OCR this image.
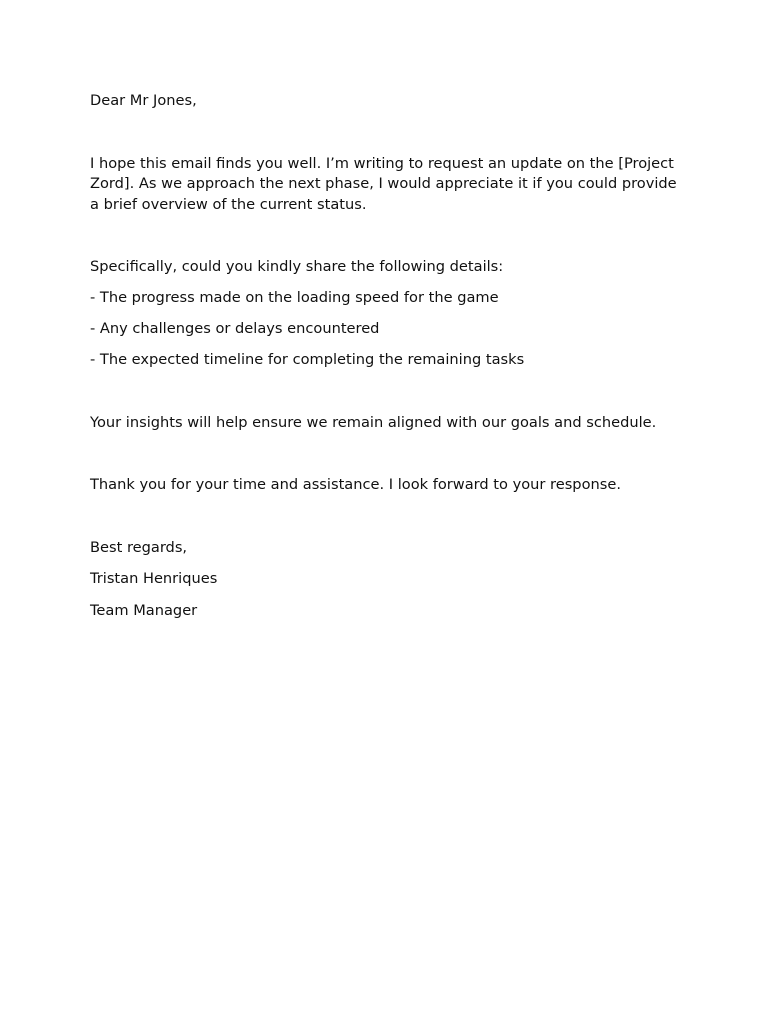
Dear Mr Jones,

I hope this email finds you well. I’m writing to request an update on the [Project Zord]. As we approach the next phase, I would appreciate it if you could provide a brief overview of the current status.

Specifically, could you kindly share the following details:

- The progress made on the loading speed for the game

- Any challenges or delays encountered

- The expected timeline for completing the remaining tasks

Your insights will help ensure we remain aligned with our goals and schedule.

Thank you for your time and assistance. I look forward to your response.

Best regards,

Tristan Henriques

Team Manager
